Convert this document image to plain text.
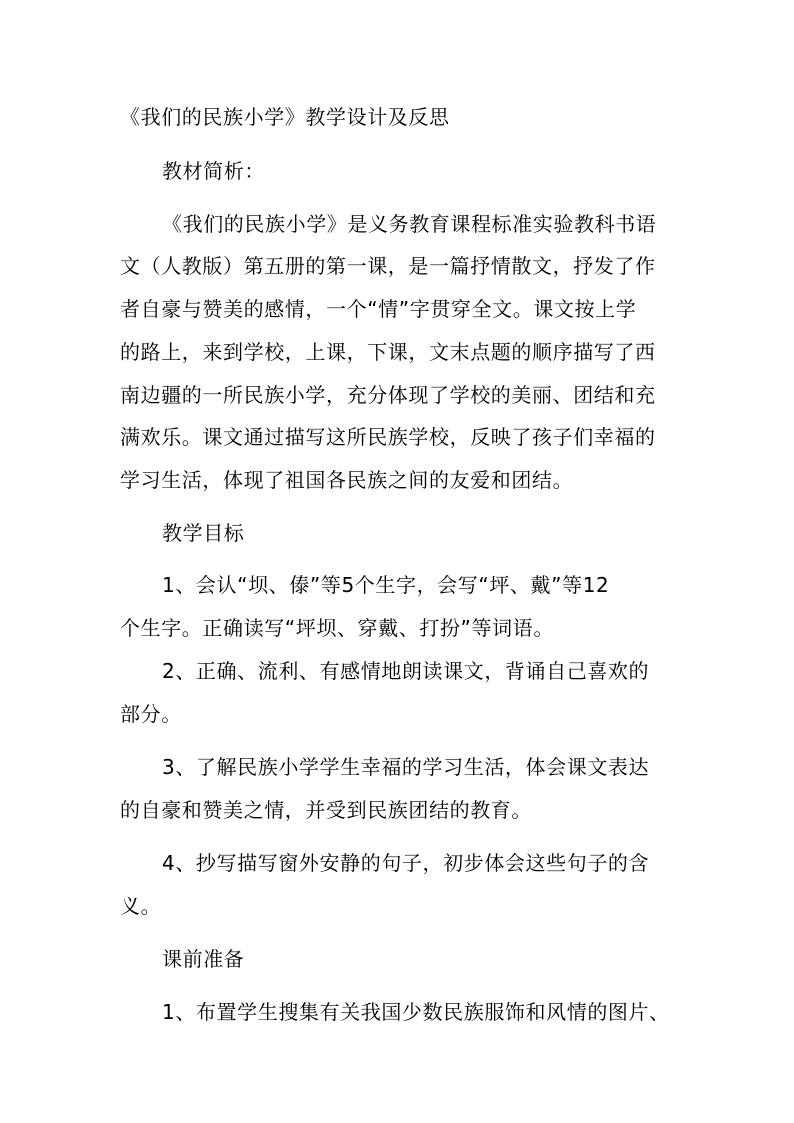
《我们的民族小学》教学设计及反思
教材简析：
《我们的民族小学》是义务教育课程标准实验教科书语
文（人教版）第五册的第一课，是一篇抒情散文，抒发了作
者自豪与赞美的感情，一个“情”字贯穿全文。课文按上学
的路上，来到学校，上课，下课，文末点题的顺序描写了西
南边疆的一所民族小学，充分体现了学校的美丽、团结和充
满欢乐。课文通过描写这所民族学校，反映了孩子们幸福的
学习生活，体现了祖国各民族之间的友爱和团结。
教学目标
1、会认“坝、傣”等5个生字，会写“坪、戴”等12
个生字。正确读写“坪坝、穿戴、打扮”等词语。
2、正确、流利、有感情地朗读课文，背诵自己喜欢的
部分。
3、了解民族小学学生幸福的学习生活，体会课文表达
的自豪和赞美之情，并受到民族团结的教育。
4、抄写描写窗外安静的句子，初步体会这些句子的含
义。
课前准备
1、布置学生搜集有关我国少数民族服饰和风情的图片、
